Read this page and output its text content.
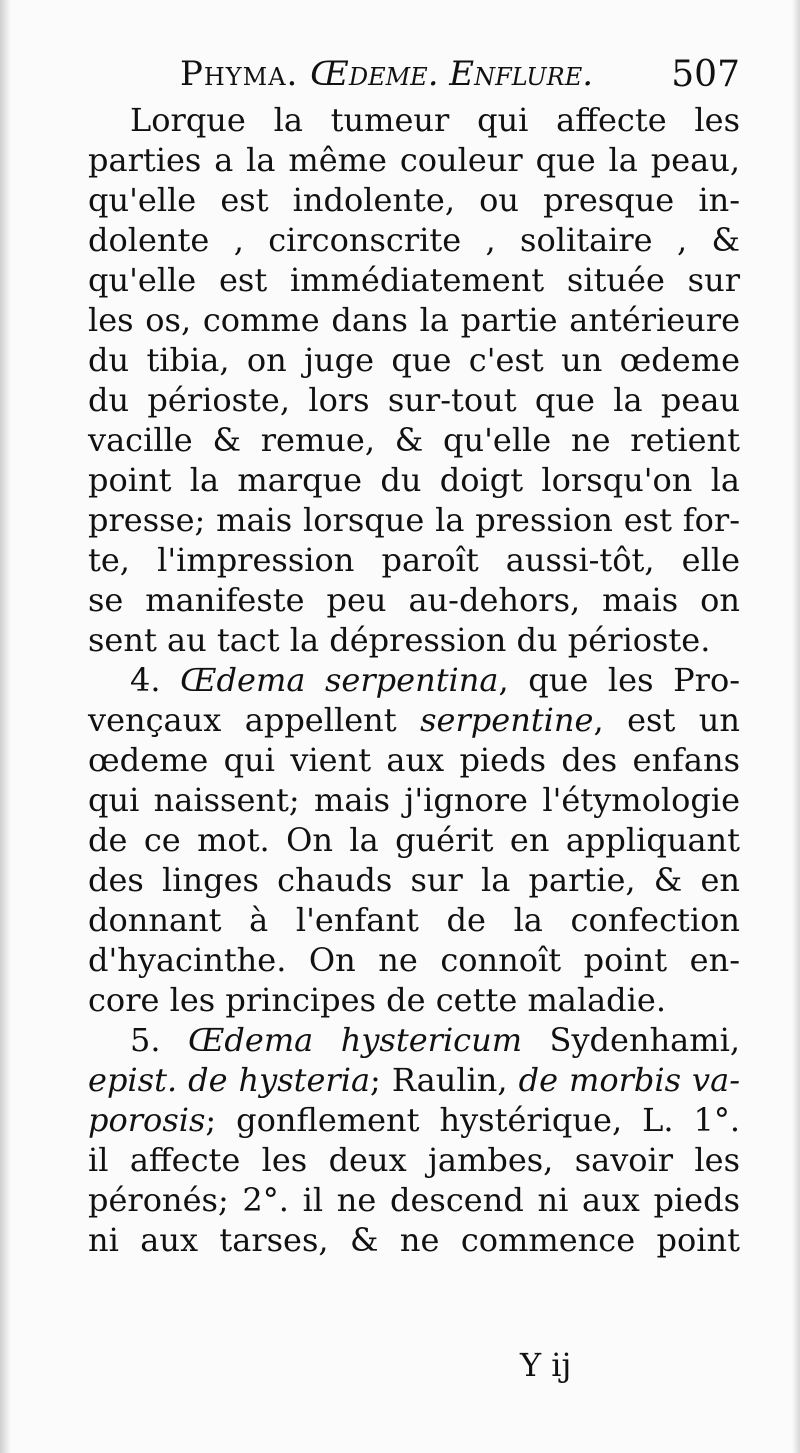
Phyma. Œdeme. Enflure. 507
Lorque la tumeur qui affecte les
parties a la même couleur que la peau,
qu'elle est indolente, ou presque in-
dolente , circonscrite , solitaire , &
qu'elle est immédiatement située sur
les os, comme dans la partie antérieure
du tibia, on juge que c'est un œdeme
du périoste, lors sur-tout que la peau
vacille & remue, & qu'elle ne retient
point la marque du doigt lorsqu'on la
presse; mais lorsque la pression est for-
te, l'impression paroît aussi-tôt, elle
se manifeste peu au-dehors, mais on
sent au tact la dépression du périoste.
4. Œdema serpentina, que les Pro-
vençaux appellent serpentine, est un
œdeme qui vient aux pieds des enfans
qui naissent; mais j'ignore l'étymologie
de ce mot. On la guérit en appliquant
des linges chauds sur la partie, & en
donnant à l'enfant de la confection
d'hyacinthe. On ne connoît point en-
core les principes de cette maladie.
5. Œdema hystericum Sydenhami,
epist. de hysteria; Raulin, de morbis va-
porosis; gonflement hystérique, L. 1°.
il affecte les deux jambes, savoir les
péronés; 2°. il ne descend ni aux pieds
ni aux tarses, & ne commence point
Y ij
